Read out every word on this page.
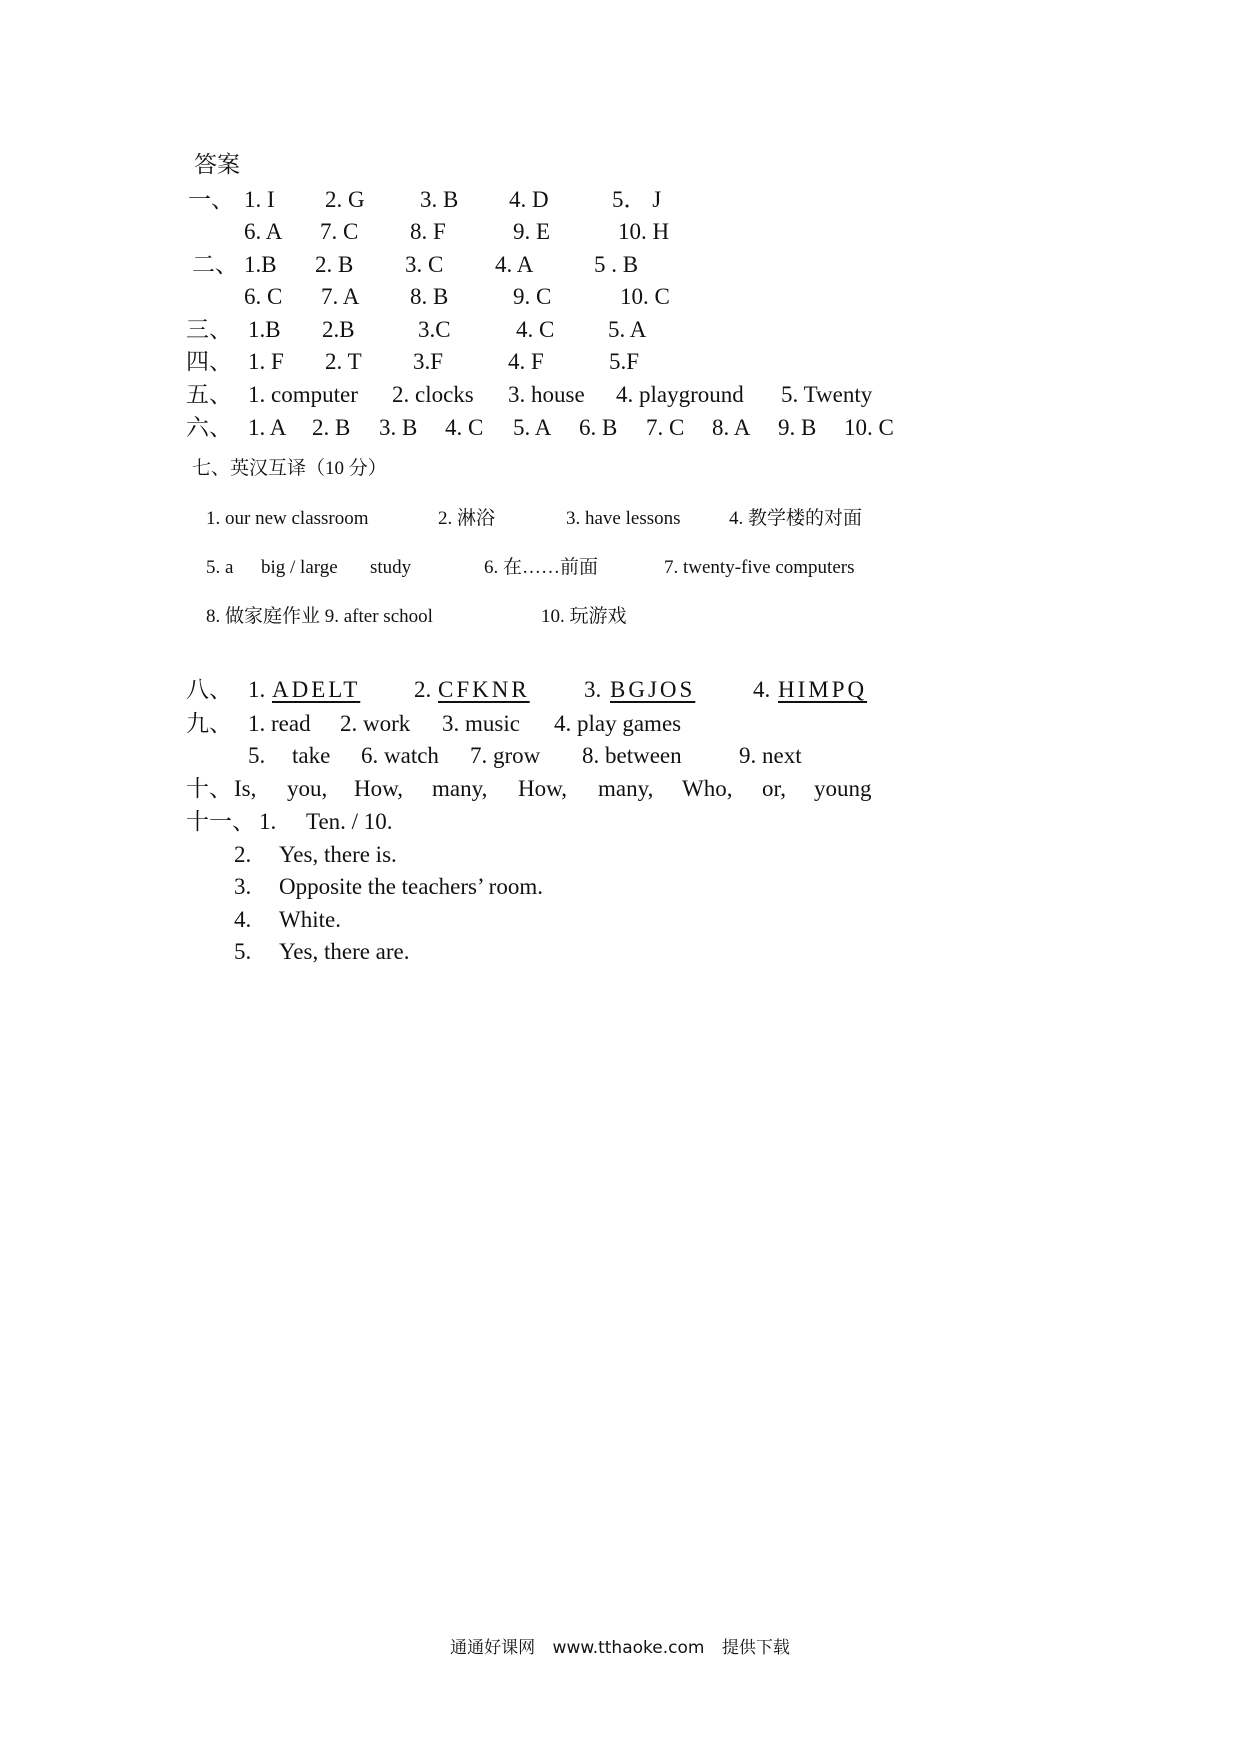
答案
一、 1. I 2. G 3. B 4. D	5． J
6. A 7. C 8. F	9. E	10. H
二、 1.B 2. B 3. C 4. A	5 . B
6. C 7. A 8. B	9. C	10. C
三、 1.B 2.B	3.C	4. C 5. A
四、 1. F 2. T 3.F	4. F	5.F
五、 1. computer 2. clocks 3. house 4. playground 5. Twenty
六、 1. A 2. B 3. B 4. C 5. A 6. B 7. C 8. A 9. B 10. C
七、英汉互译（10 分）
1. our new classroom	2. 淋浴	3. have lessons	4. 教学楼的对面
5. a big / large study	6. 在……前面	7. twenty-five computers
8. 做家庭作业 9. after school	10. 玩游戏
八、 1. ADELT 2. CFKNR 3. BGJOS	4. HIMPQ
九、 1. read 2. work 3. music 4. play games
5. take 6. watch 7. grow 8. between 9. next
十、 Is, you, How, many, How, many, Who, or, young
十一、 1. Ten. / 10.
2. Yes, there is.
3. Opposite the teachers’ room.
4. White.
5. Yes, there are.
通通好课网 www.tthaoke.com 提供下载
